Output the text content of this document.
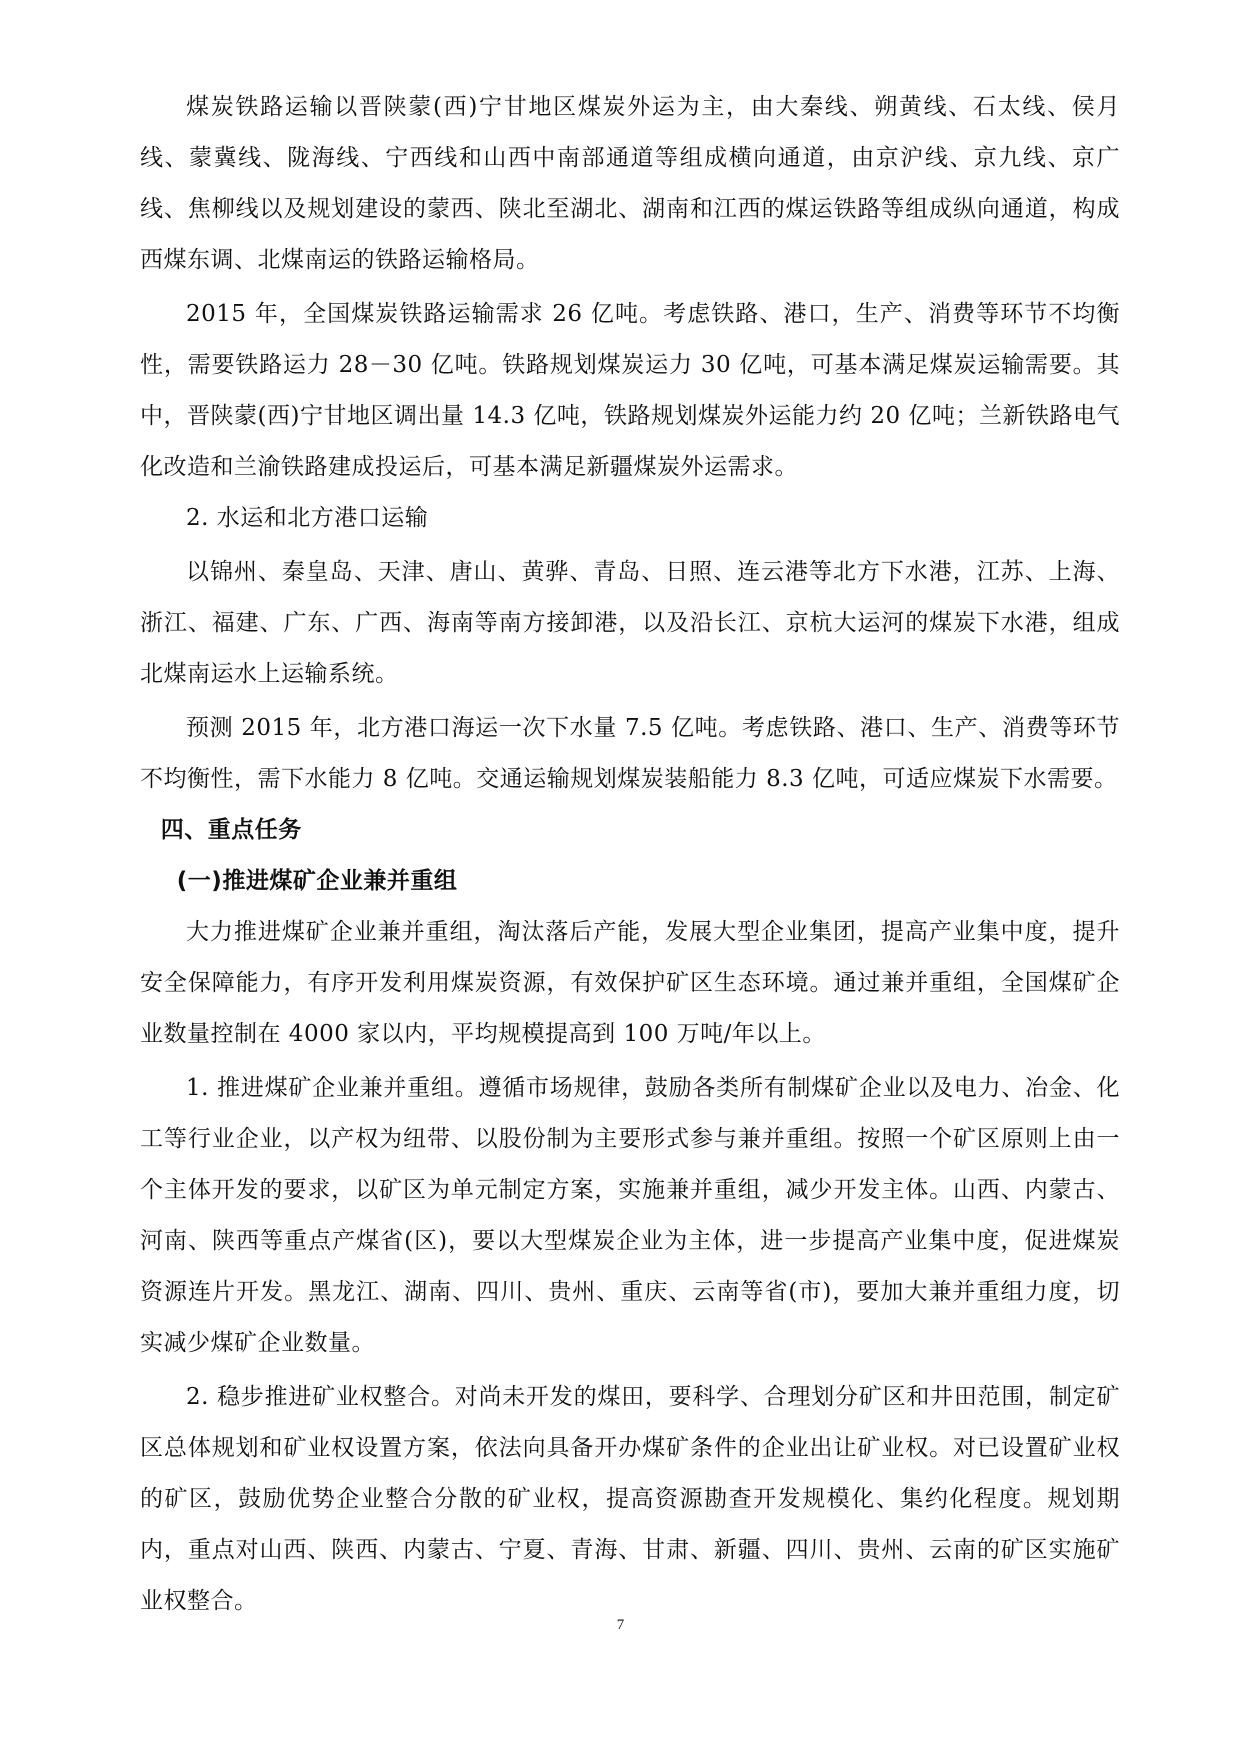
煤炭铁路运输以晋陕蒙(西)宁甘地区煤炭外运为主，由大秦线、朔黄线、石太线、侯月线、蒙冀线、陇海线、宁西线和山西中南部通道等组成横向通道，由京沪线、京九线、京广线、焦柳线以及规划建设的蒙西、陕北至湖北、湖南和江西的煤运铁路等组成纵向通道，构成西煤东调、北煤南运的铁路运输格局。

2015 年，全国煤炭铁路运输需求 26 亿吨。考虑铁路、港口，生产、消费等环节不均衡性，需要铁路运力 28－30 亿吨。铁路规划煤炭运力 30 亿吨，可基本满足煤炭运输需要。其中，晋陕蒙(西)宁甘地区调出量 14.3 亿吨，铁路规划煤炭外运能力约 20 亿吨；兰新铁路电气化改造和兰渝铁路建成投运后，可基本满足新疆煤炭外运需求。

2. 水运和北方港口运输

以锦州、秦皇岛、天津、唐山、黄骅、青岛、日照、连云港等北方下水港，江苏、上海、浙江、福建、广东、广西、海南等南方接卸港，以及沿长江、京杭大运河的煤炭下水港，组成北煤南运水上运输系统。

预测 2015 年，北方港口海运一次下水量 7.5 亿吨。考虑铁路、港口、生产、消费等环节不均衡性，需下水能力 8 亿吨。交通运输规划煤炭装船能力 8.3 亿吨，可适应煤炭下水需要。

四、重点任务

(一)推进煤矿企业兼并重组

大力推进煤矿企业兼并重组，淘汰落后产能，发展大型企业集团，提高产业集中度，提升安全保障能力，有序开发利用煤炭资源，有效保护矿区生态环境。通过兼并重组，全国煤矿企业数量控制在 4000 家以内，平均规模提高到 100 万吨/年以上。

1. 推进煤矿企业兼并重组。遵循市场规律，鼓励各类所有制煤矿企业以及电力、冶金、化工等行业企业，以产权为纽带、以股份制为主要形式参与兼并重组。按照一个矿区原则上由一个主体开发的要求，以矿区为单元制定方案，实施兼并重组，减少开发主体。山西、内蒙古、河南、陕西等重点产煤省(区)，要以大型煤炭企业为主体，进一步提高产业集中度，促进煤炭资源连片开发。黑龙江、湖南、四川、贵州、重庆、云南等省(市)，要加大兼并重组力度，切实减少煤矿企业数量。

2. 稳步推进矿业权整合。对尚未开发的煤田，要科学、合理划分矿区和井田范围，制定矿区总体规划和矿业权设置方案，依法向具备开办煤矿条件的企业出让矿业权。对已设置矿业权的矿区，鼓励优势企业整合分散的矿业权，提高资源勘查开发规模化、集约化程度。规划期内，重点对山西、陕西、内蒙古、宁夏、青海、甘肃、新疆、四川、贵州、云南的矿区实施矿业权整合。

7
